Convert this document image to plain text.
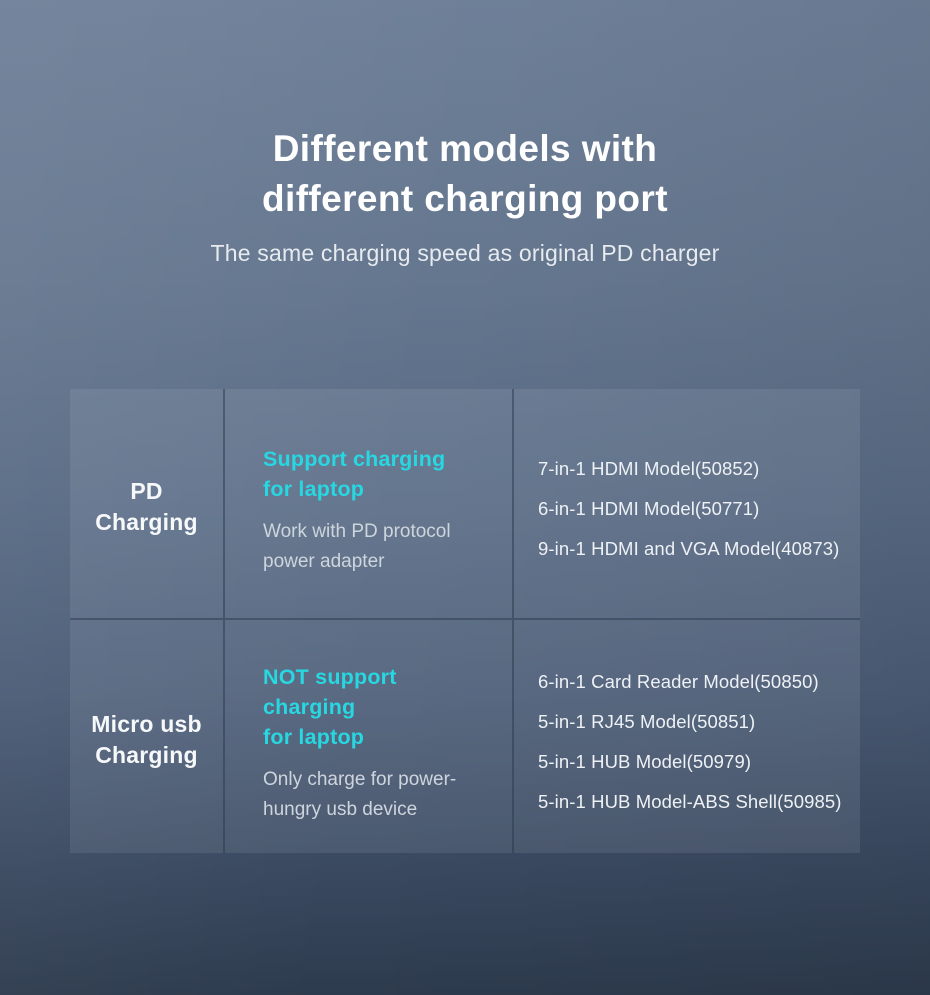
Different models with
different charging port
The same charging speed as original PD charger
PD
Charging
Support charging
for laptop
Work with PD protocol
power adapter
7-in-1 HDMI Model(50852)
6-in-1 HDMI Model(50771)
9-in-1 HDMI and VGA Model(40873)
Micro usb
Charging
NOT support charging
for laptop
Only charge for power-
hungry usb device
6-in-1 Card Reader Model(50850)
5-in-1 RJ45 Model(50851)
5-in-1 HUB Model(50979)
5-in-1 HUB Model-ABS Shell(50985)
